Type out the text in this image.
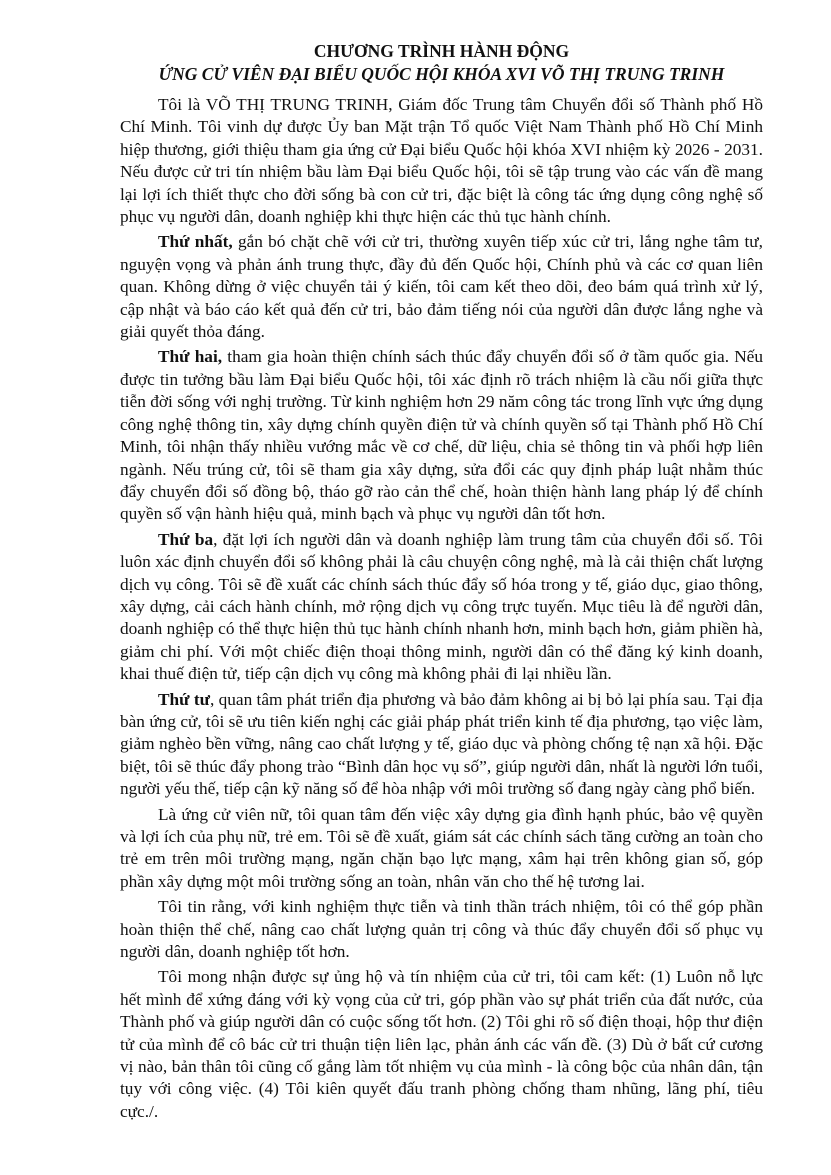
CHƯƠNG TRÌNH HÀNH ĐỘNG
ỨNG CỬ VIÊN ĐẠI BIỂU QUỐC HỘI KHÓA XVI VÕ THỊ TRUNG TRINH

Tôi là VÕ THỊ TRUNG TRINH, Giám đốc Trung tâm Chuyển đổi số Thành phố Hồ Chí Minh. Tôi vinh dự được Ủy ban Mặt trận Tổ quốc Việt Nam Thành phố Hồ Chí Minh hiệp thương, giới thiệu tham gia ứng cử Đại biểu Quốc hội khóa XVI nhiệm kỳ 2026 - 2031. Nếu được cử tri tín nhiệm bầu làm Đại biểu Quốc hội, tôi sẽ tập trung vào các vấn đề mang lại lợi ích thiết thực cho đời sống bà con cử tri, đặc biệt là công tác ứng dụng công nghệ số phục vụ người dân, doanh nghiệp khi thực hiện các thủ tục hành chính.

Thứ nhất, gắn bó chặt chẽ với cử tri, thường xuyên tiếp xúc cử tri, lắng nghe tâm tư, nguyện vọng và phản ánh trung thực, đầy đủ đến Quốc hội, Chính phủ và các cơ quan liên quan. Không dừng ở việc chuyển tải ý kiến, tôi cam kết theo dõi, đeo bám quá trình xử lý, cập nhật và báo cáo kết quả đến cử tri, bảo đảm tiếng nói của người dân được lắng nghe và giải quyết thỏa đáng.

Thứ hai, tham gia hoàn thiện chính sách thúc đẩy chuyển đổi số ở tầm quốc gia. Nếu được tin tưởng bầu làm Đại biểu Quốc hội, tôi xác định rõ trách nhiệm là cầu nối giữa thực tiễn đời sống với nghị trường. Từ kinh nghiệm hơn 29 năm công tác trong lĩnh vực ứng dụng công nghệ thông tin, xây dựng chính quyền điện tử và chính quyền số tại Thành phố Hồ Chí Minh, tôi nhận thấy nhiều vướng mắc về cơ chế, dữ liệu, chia sẻ thông tin và phối hợp liên ngành. Nếu trúng cử, tôi sẽ tham gia xây dựng, sửa đổi các quy định pháp luật nhằm thúc đẩy chuyển đổi số đồng bộ, tháo gỡ rào cản thể chế, hoàn thiện hành lang pháp lý để chính quyền số vận hành hiệu quả, minh bạch và phục vụ người dân tốt hơn.

Thứ ba, đặt lợi ích người dân và doanh nghiệp làm trung tâm của chuyển đổi số. Tôi luôn xác định chuyển đổi số không phải là câu chuyện công nghệ, mà là cải thiện chất lượng dịch vụ công. Tôi sẽ đề xuất các chính sách thúc đẩy số hóa trong y tế, giáo dục, giao thông, xây dựng, cải cách hành chính, mở rộng dịch vụ công trực tuyến. Mục tiêu là để người dân, doanh nghiệp có thể thực hiện thủ tục hành chính nhanh hơn, minh bạch hơn, giảm phiền hà, giảm chi phí. Với một chiếc điện thoại thông minh, người dân có thể đăng ký kinh doanh, khai thuế điện tử, tiếp cận dịch vụ công mà không phải đi lại nhiều lần.

Thứ tư, quan tâm phát triển địa phương và bảo đảm không ai bị bỏ lại phía sau. Tại địa bàn ứng cử, tôi sẽ ưu tiên kiến nghị các giải pháp phát triển kinh tế địa phương, tạo việc làm, giảm nghèo bền vững, nâng cao chất lượng y tế, giáo dục và phòng chống tệ nạn xã hội. Đặc biệt, tôi sẽ thúc đẩy phong trào “Bình dân học vụ số”, giúp người dân, nhất là người lớn tuổi, người yếu thế, tiếp cận kỹ năng số để hòa nhập với môi trường số đang ngày càng phổ biến.

Là ứng cử viên nữ, tôi quan tâm đến việc xây dựng gia đình hạnh phúc, bảo vệ quyền và lợi ích của phụ nữ, trẻ em. Tôi sẽ đề xuất, giám sát các chính sách tăng cường an toàn cho trẻ em trên môi trường mạng, ngăn chặn bạo lực mạng, xâm hại trên không gian số, góp phần xây dựng một môi trường sống an toàn, nhân văn cho thế hệ tương lai.

Tôi tin rằng, với kinh nghiệm thực tiễn và tinh thần trách nhiệm, tôi có thể góp phần hoàn thiện thể chế, nâng cao chất lượng quản trị công và thúc đẩy chuyển đổi số phục vụ người dân, doanh nghiệp tốt hơn.

Tôi mong nhận được sự ủng hộ và tín nhiệm của cử tri, tôi cam kết: (1) Luôn nỗ lực hết mình để xứng đáng với kỳ vọng của cử tri, góp phần vào sự phát triển của đất nước, của Thành phố và giúp người dân có cuộc sống tốt hơn. (2) Tôi ghi rõ số điện thoại, hộp thư điện tử của mình để cô bác cử tri thuận tiện liên lạc, phản ánh các vấn đề. (3) Dù ở bất cứ cương vị nào, bản thân tôi cũng cố gắng làm tốt nhiệm vụ của mình - là công bộc của nhân dân, tận tụy với công việc. (4) Tôi kiên quyết đấu tranh phòng chống tham nhũng, lãng phí, tiêu cực./.
